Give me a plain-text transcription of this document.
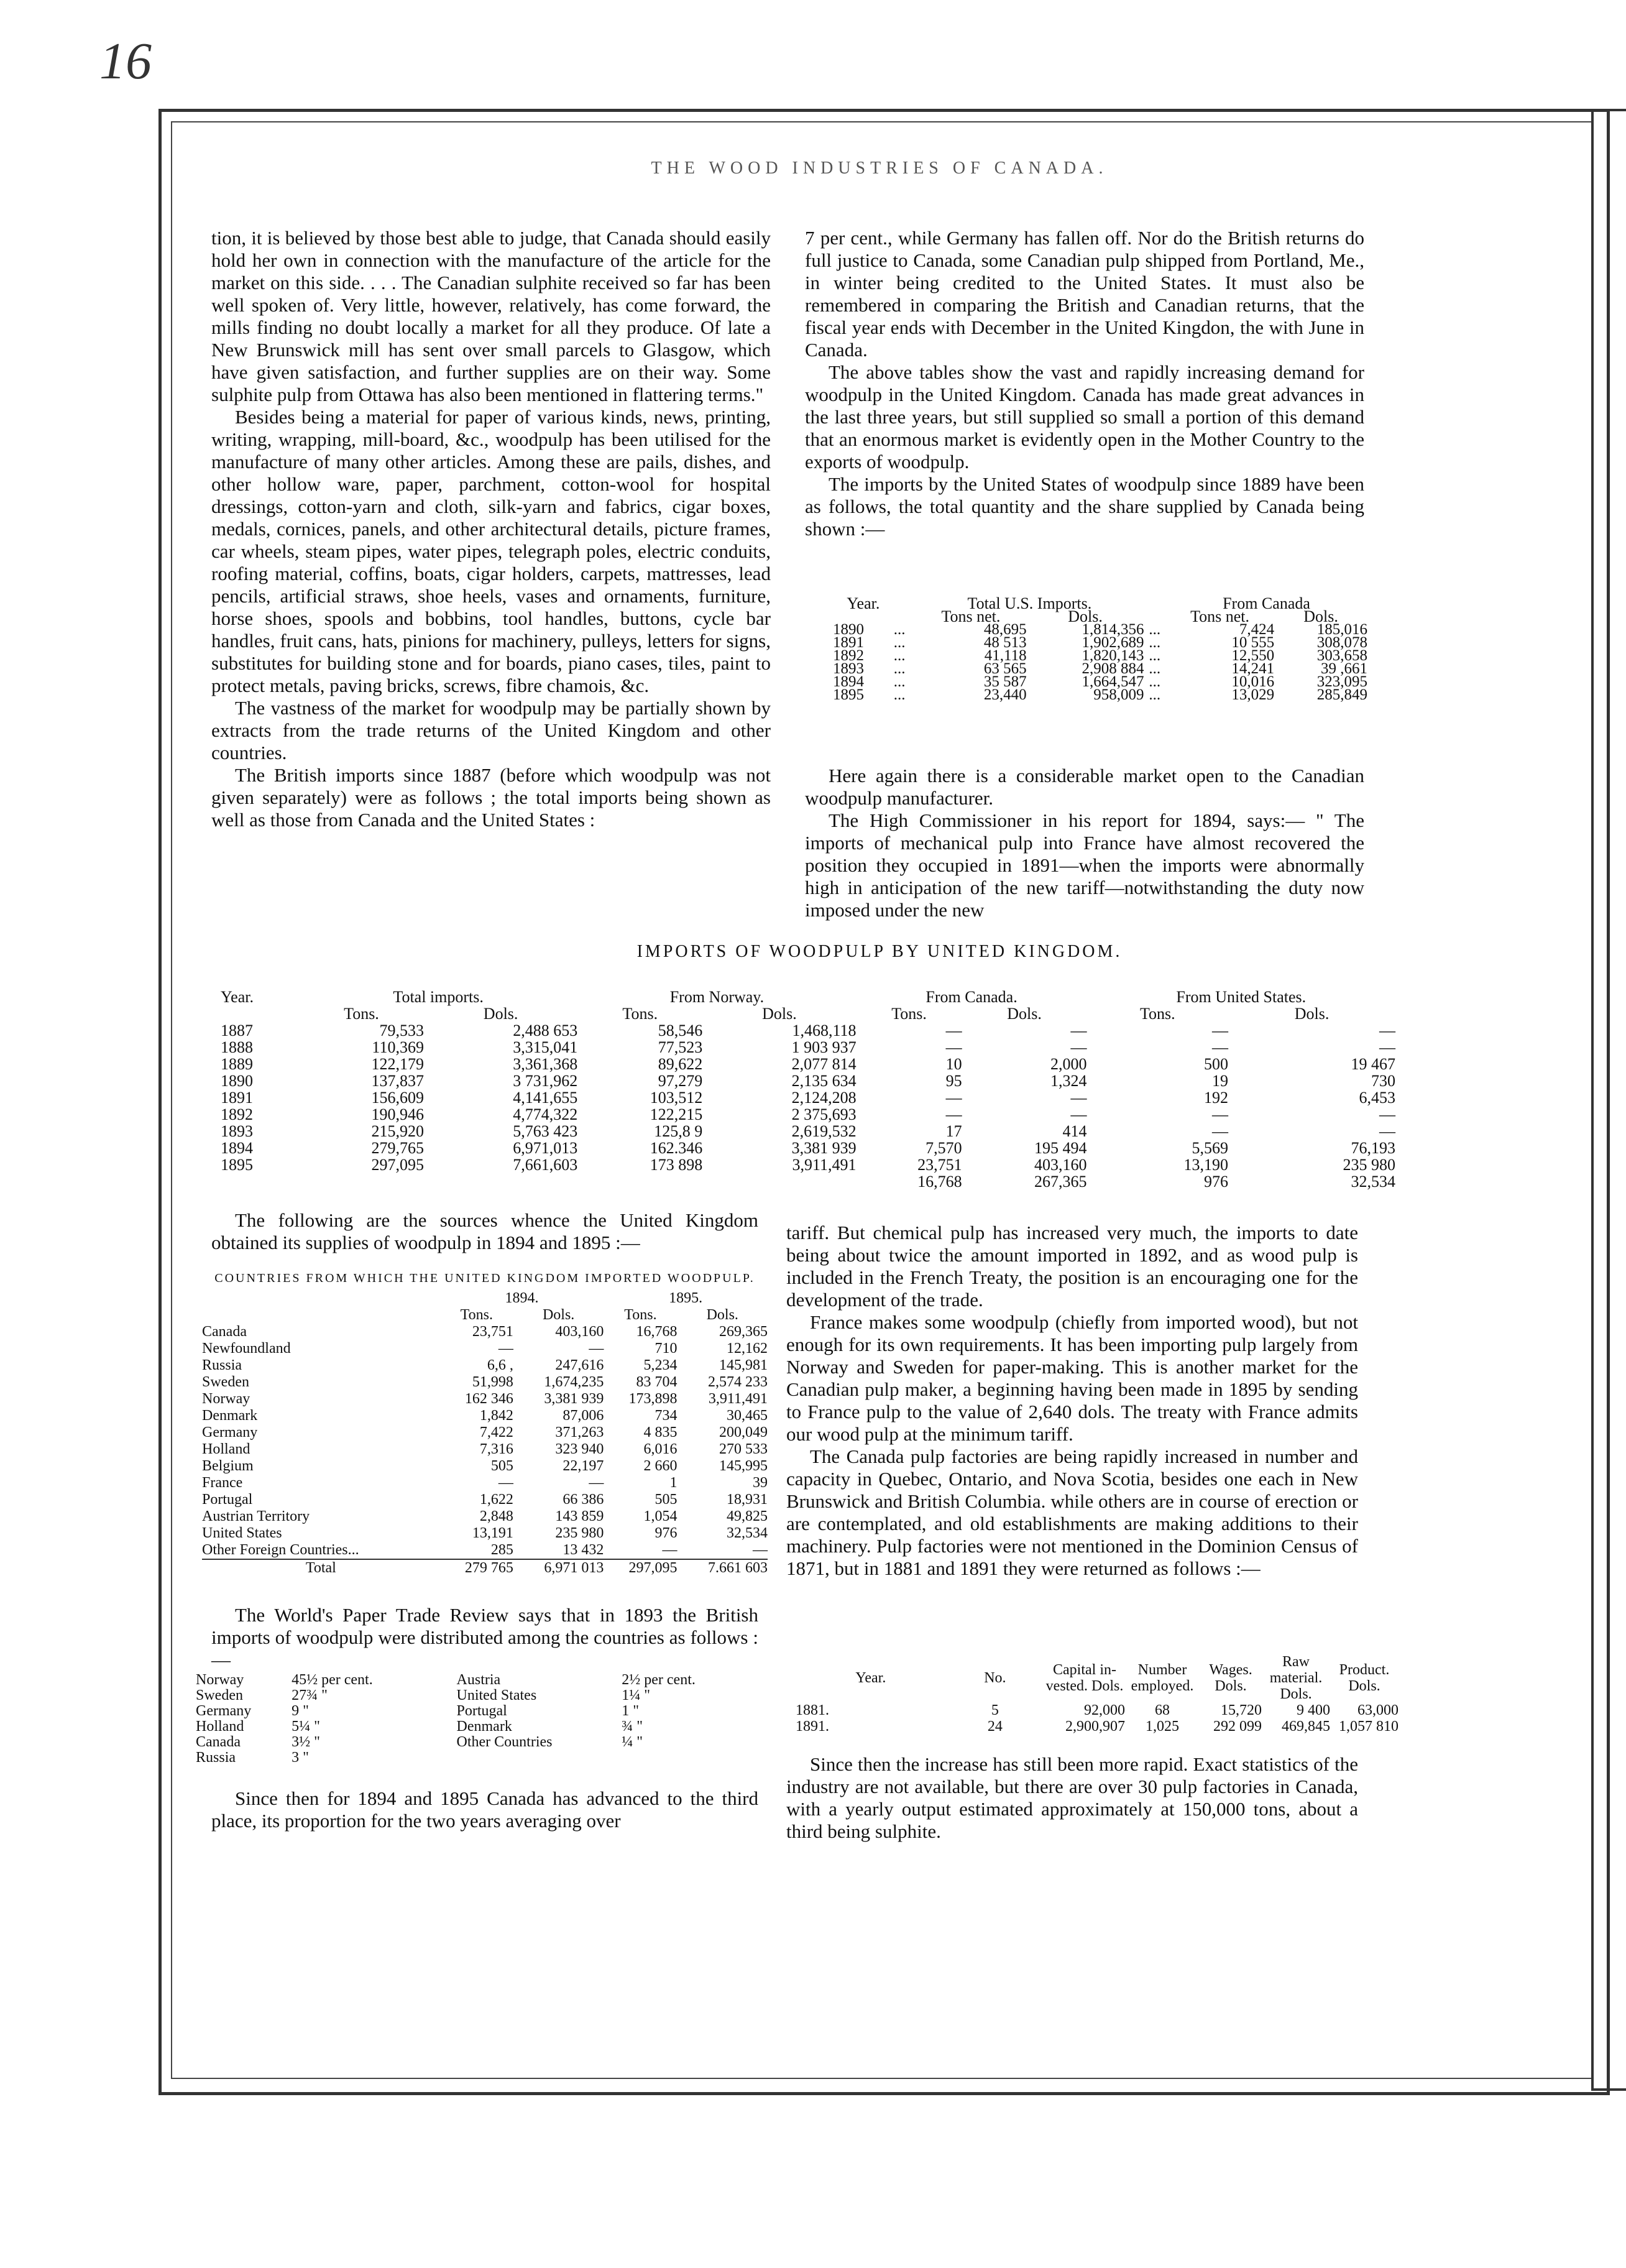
16
THE WOOD INDUSTRIES OF CANADA.

tion, it is believed by those best able to judge, that Canada should easily hold her own in connection with the manufacture of the article for the market on this side. . . . The Canadian sulphite received so far has been well spoken of. Very little, however, relatively, has come forward, the mills finding no doubt locally a market for all they produce. Of late a New Brunswick mill has sent over small parcels to Glasgow, which have given satisfaction, and further supplies are on their way. Some sulphite pulp from Ottawa has also been mentioned in flattering terms."

Besides being a material for paper of various kinds, news, printing, writing, wrapping, mill-board, &c., woodpulp has been utilised for the manufacture of many other articles. Among these are pails, dishes, and other hollow ware, paper, parchment, cotton-wool for hospital dressings, cotton-yarn and cloth, silk-yarn and fabrics, cigar boxes, medals, cornices, panels, and other architectural details, picture frames, car wheels, steam pipes, water pipes, telegraph poles, electric conduits, roofing material, coffins, boats, cigar holders, carpets, mattresses, lead pencils, artificial straws, shoe heels, vases and ornaments, furniture, horse shoes, spools and bobbins, tool handles, buttons, cycle bar handles, fruit cans, hats, pinions for machinery, pulleys, letters for signs, substitutes for building stone and for boards, piano cases, tiles, paint to protect metals, paving bricks, screws, fibre chamois, &c.

The vastness of the market for woodpulp may be partially shown by extracts from the trade returns of the United Kingdom and other countries.

The British imports since 1887 (before which woodpulp was not given separately) were as follows ; the total imports being shown as well as those from Canada and the United States :

7 per cent., while Germany has fallen off. Nor do the British returns do full justice to Canada, some Canadian pulp shipped from Portland, Me., in winter being credited to the United States. It must also be remembered in comparing the British and Canadian returns, that the fiscal year ends with December in the United Kingdon, the with June in Canada.

The above tables show the vast and rapidly increasing demand for woodpulp in the United Kingdom. Canada has made great advances in the last three years, but still supplied so small a portion of this demand that an enormous market is evidently open in the Mother Country to the exports of woodpulp.

The imports by the United States of woodpulp since 1889 have been as follows, the total quantity and the share supplied by Canada being shown :—

Year.		Total U.S. Imports.			From Canada	
		Tons net.	Dols.		Tons net.	Dols.
1890	...	48,695	1,814,356	...	7,424	185,016
1891	...	48 513	1,902,689	...	10 555	308,078
1892	...	41,118	1,820,143	...	12,550	303,658
1893	...	63 565	2,908 884	...	14,241	39 ,661
1894	...	35 587	1,664,547	...	10,016	323,095
1895	...	23,440	958,009	...	13,029	285,849

Here again there is a considerable market open to the Canadian woodpulp manufacturer.

The High Commissioner in his report for 1894, says:— " The imports of mechanical pulp into France have almost recovered the position they occupied in 1891—when the imports were abnormally high in anticipation of the new tariff—notwithstanding the duty now imposed under the new

IMPORTS OF WOODPULP BY UNITED KINGDOM.
Year.	Total imports.		From Norway.		From Canada.		From United States.	
	Tons.	Dols.	Tons.	Dols.	Tons.	Dols.	Tons.	Dols.
1887	79,533	2,488 653	58,546	1,468,118	—	—	—	—
1888	110,369	3,315,041	77,523	1 903 937	—	—	—	—
1889	122,179	3,361,368	89,622	2,077 814	10	2,000	500	19 467
1890	137,837	3 731,962	97,279	2,135 634	95	1,324	19	730
1891	156,609	4,141,655	103,512	2,124,208	—	—	192	6,453
1892	190,946	4,774,322	122,215	2 375,693	—	—	—	—
1893	215,920	5,763 423	125,8 9	2,619,532	17	414	—	—
1894	279,765	6,971,013	162.346	3,381 939	7,570	195 494	5,569	76,193
1895	297,095	7,661,603	173 898	3,911,491	23,751	403,160	13,190	235 980
					16,768	267,365	976	32,534

The following are the sources whence the United Kingdom obtained its supplies of woodpulp in 1894 and 1895 :—

COUNTRIES FROM WHICH THE UNITED KINGDOM IMPORTED WOODPULP.
	1894.		1895.	
	Tons.	Dols.	Tons.	Dols.
Canada	23,751	403,160	16,768	269,365
Newfoundland	—	—	710	12,162
Russia	6,6 ,	247,616	5,234	145,981
Sweden	51,998	1,674,235	83 704	2,574 233
Norway	162 346	3,381 939	173,898	3,911,491
Denmark	1,842	87,006	734	30,465
Germany	7,422	371,263	4 835	200,049
Holland	7,316	323 940	6,016	270 533
Belgium	505	22,197	2 660	145,995
France	—	—	1	39
Portugal	1,622	66 386	505	18,931
Austrian Territory	2,848	143 859	1,054	49,825
United States	13,191	235 980	976	32,534
Other Foreign Countries...	285	13 432	—	—
Total	279 765	6,971 013	297,095	7.661 603

The World's Paper Trade Review says that in 1893 the British imports of woodpulp were distributed among the countries as follows :—

Norway	45½ per cent.		Austria	2½ per cent.
Sweden	27¾ "		United States	1¼ "
Germany	9 "		Portugal	1 "
Holland	5¼ "		Denmark	¾ "
Canada	3½ "		Other Countries	¼ "
Russia	3 "			

Since then for 1894 and 1895 Canada has advanced to the third place, its proportion for the two years averaging over

tariff. But chemical pulp has increased very much, the imports to date being about twice the amount imported in 1892, and as wood pulp is included in the French Treaty, the position is an encouraging one for the development of the trade.

France makes some woodpulp (chiefly from imported wood), but not enough for its own requirements. It has been importing pulp largely from Norway and Sweden for paper-making. This is another market for the Canadian pulp maker, a beginning having been made in 1895 by sending to France pulp to the value of 2,640 dols. The treaty with France admits our wood pulp at the minimum tariff.

The Canada pulp factories are being rapidly increased in number and capacity in Quebec, Ontario, and Nova Scotia, besides one each in New Brunswick and British Columbia. while others are in course of erection or are contemplated, and old establishments are making additions to their machinery. Pulp factories were not mentioned in the Dominion Census of 1871, but in 1881 and 1891 they were returned as follows :—

Year.	No.	Capital in-vested. Dols.	Number employed.	Wages. Dols.	Raw material. Dols.	Product. Dols.
1881.	5	92,000	68	15,720	9 400	63,000
1891.	24	2,900,907	1,025	292 099	469,845	1,057 810

Since then the increase has still been more rapid. Exact statistics of the industry are not available, but there are over 30 pulp factories in Canada, with a yearly output estimated approximately at 150,000 tons, about a third being sulphite.
